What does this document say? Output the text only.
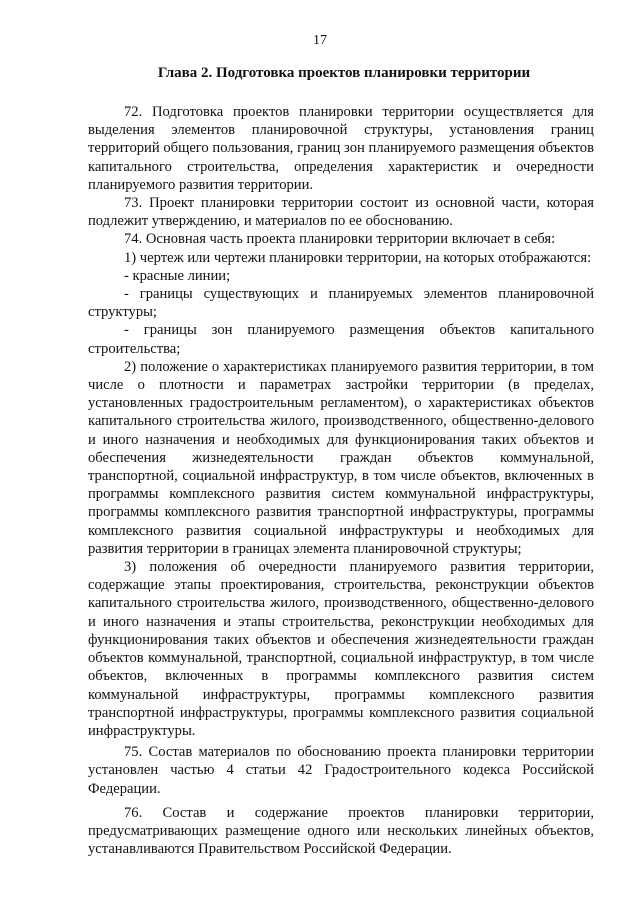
17
Глава 2. Подготовка проектов планировки территории

72. Подготовка проектов планировки территории осуществляется для выделения элементов планировочной структуры, установления границ территорий общего пользования, границ зон планируемого размещения объектов капитального строительства, определения характеристик и очередности планируемого развития территории.

73. Проект планировки территории состоит из основной части, которая подлежит утверждению, и материалов по ее обоснованию.

74. Основная часть проекта планировки территории включает в себя:

1) чертеж или чертежи планировки территории, на которых отображаются:

- красные линии;

- границы существующих и планируемых элементов планировочной структуры;

- границы зон планируемого размещения объектов капитального строительства;

2) положение о характеристиках планируемого развития территории, в том числе о плотности и параметрах застройки территории (в пределах, установленных градостроительным регламентом), о характеристиках объектов капитального строительства жилого, производственного, общественно-делового и иного назначения и необходимых для функционирования таких объектов и обеспечения жизнедеятельности граждан объектов коммунальной, транспортной, социальной инфраструктур, в том числе объектов, включенных в программы комплексного развития систем коммунальной инфраструктуры, программы комплексного развития транспортной инфраструктуры, программы комплексного развития социальной инфраструктуры и необходимых для развития территории в границах элемента планировочной структуры;

3) положения об очередности планируемого развития территории, содержащие этапы проектирования, строительства, реконструкции объектов капитального строительства жилого, производственного, общественно-делового и иного назначения и этапы строительства, реконструкции необходимых для функционирования таких объектов и обеспечения жизнедеятельности граждан объектов коммунальной, транспортной, социальной инфраструктур, в том числе объектов, включенных в программы комплексного развития систем коммунальной инфраструктуры, программы комплексного развития транспортной инфраструктуры, программы комплексного развития социальной инфраструктуры.

75. Состав материалов по обоснованию проекта планировки территории установлен частью 4 статьи 42 Градостроительного кодекса Российской Федерации.

76. Состав и содержание проектов планировки территории, предусматривающих размещение одного или нескольких линейных объектов, устанавливаются Правительством Российской Федерации.
